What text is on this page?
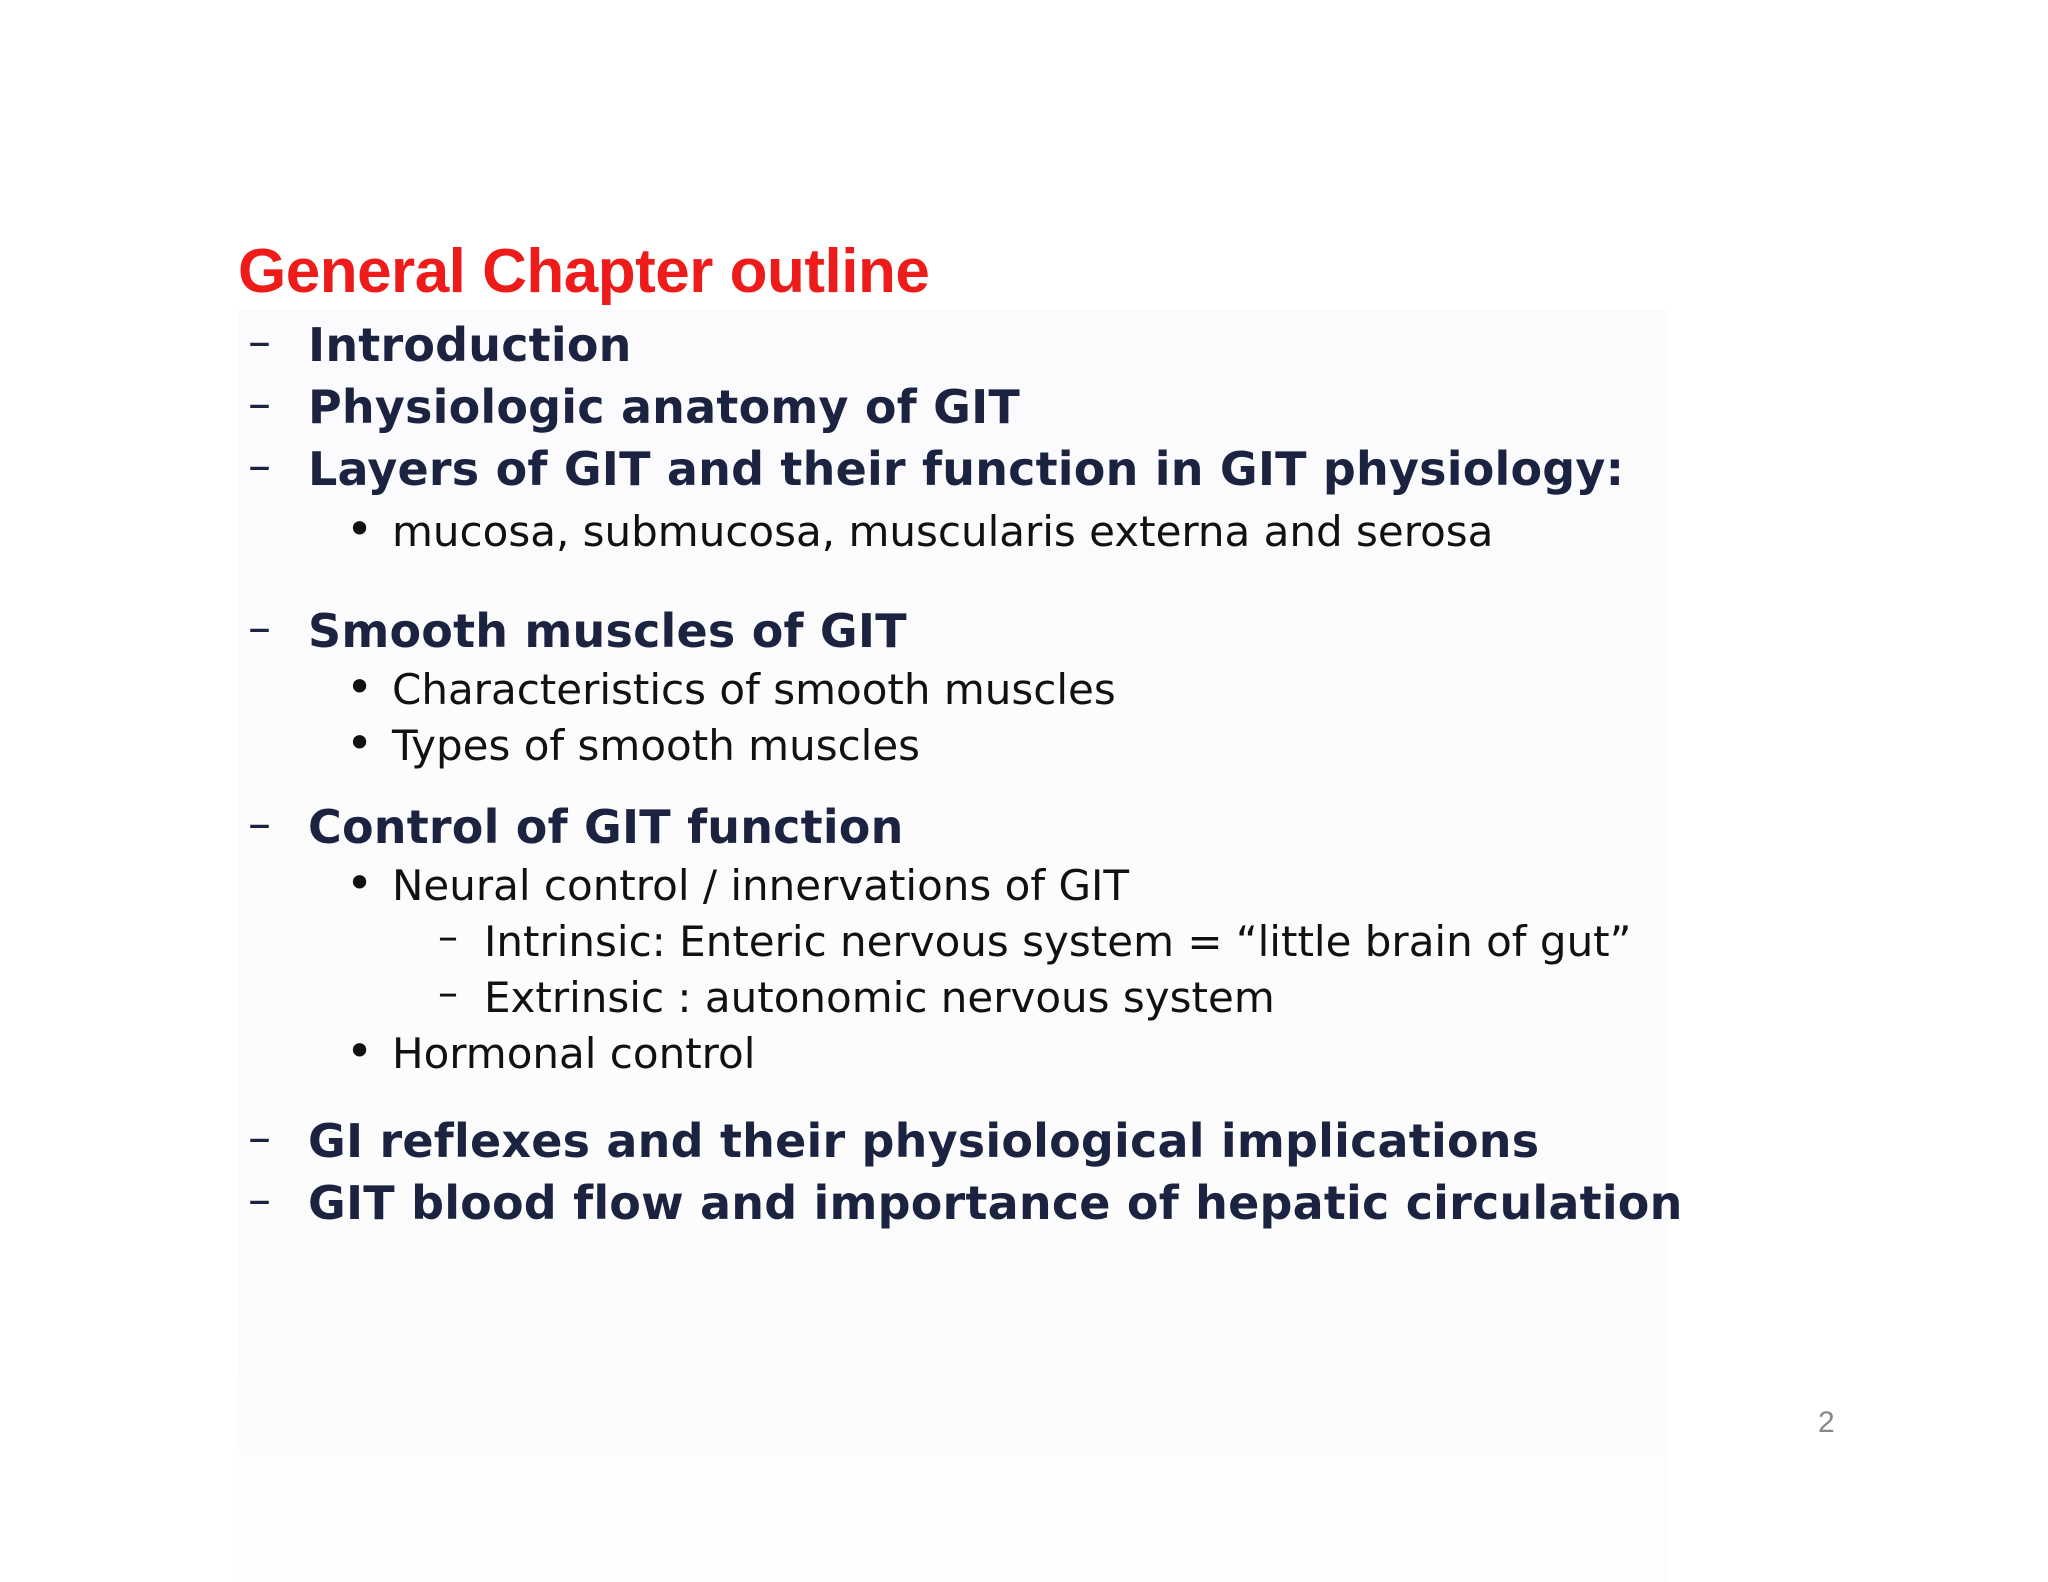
General Chapter outline
– Introduction
– Physiologic anatomy of GIT
– Layers of GIT and their function in GIT physiology:
• mucosa, submucosa, muscularis externa and serosa
– Smooth muscles of GIT
• Characteristics of smooth muscles
• Types of smooth muscles
– Control of GIT function
• Neural control / innervations of GIT
– Intrinsic: Enteric nervous system = “little brain of gut”
– Extrinsic : autonomic nervous system
• Hormonal control
– GI reflexes and their physiological implications
– GIT blood flow and importance of hepatic circulation
2
